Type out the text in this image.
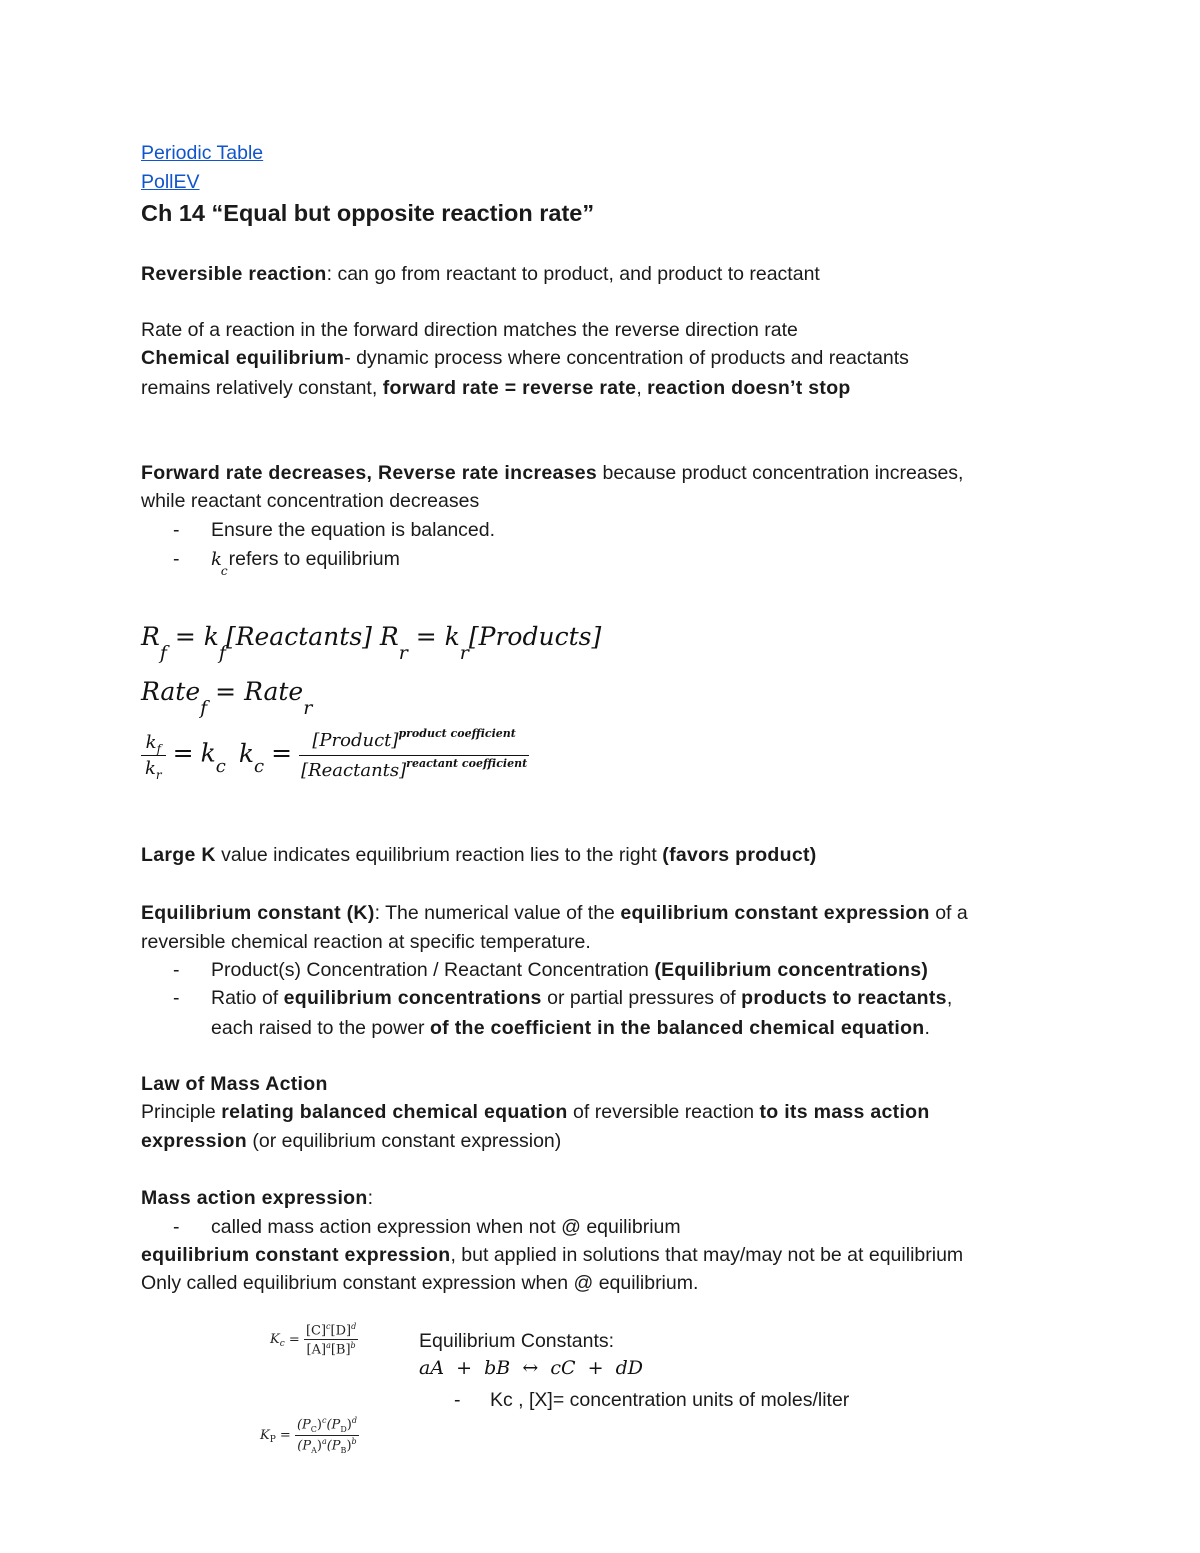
Periodic Table
PollEV
Ch 14 “Equal but opposite reaction rate”
Reversible reaction: can go from reactant to product, and product to reactant
Rate of a reaction in the forward direction matches the reverse direction rate
Chemical equilibrium- dynamic process where concentration of products and reactants
remains relatively constant, forward rate = reverse rate, reaction doesn’t stop
Forward rate decreases, Reverse rate increases because product concentration increases,
while reactant concentration decreases
- Ensure the equation is balanced.
- $k_crefers$ to equilibrium
$R_f$ = $k_f[Reactants] R_r$ = $k_r[Products]$
Rate$_f$ = Rate$_r$
$\frac{k_f}{k_r} = k_c$ $k_c = \frac{[Product]^{product coefficient}}{[Reactants]^{reactant coefficient}}$
Large K value indicates equilibrium reaction lies to the right (favors product)
Equilibrium constant (K): The numerical value of the equilibrium constant expression of a
reversible chemical reaction at specific temperature.
- Product(s) Concentration / Reactant Concentration (Equilibrium concentrations)
- Ratio of equilibrium concentrations or partial pressures of products to reactants,
each raised to the power of the coefficient in the balanced chemical equation.
Law of Mass Action
Principle relating balanced chemical equation of reversible reaction to its mass action
expression (or equilibrium constant expression)
Mass action expression:
- called mass action expression when not @ equilibrium
equilibrium constant expression, but applied in solutions that may/may not be at equilibrium
Only called equilibrium constant expression when @ equilibrium.
$K_c = \frac{[C]^c[D]^d}{[A]^a[B]^b}$
$K_P = \frac{(P_C)^c(P_D)^d}{(P_A)^a(P_B)^b}$
Equilibrium Constants:
aA  +  bB  ↔  cC  +  dD
- Kc , [X]= concentration units of moles/liter
